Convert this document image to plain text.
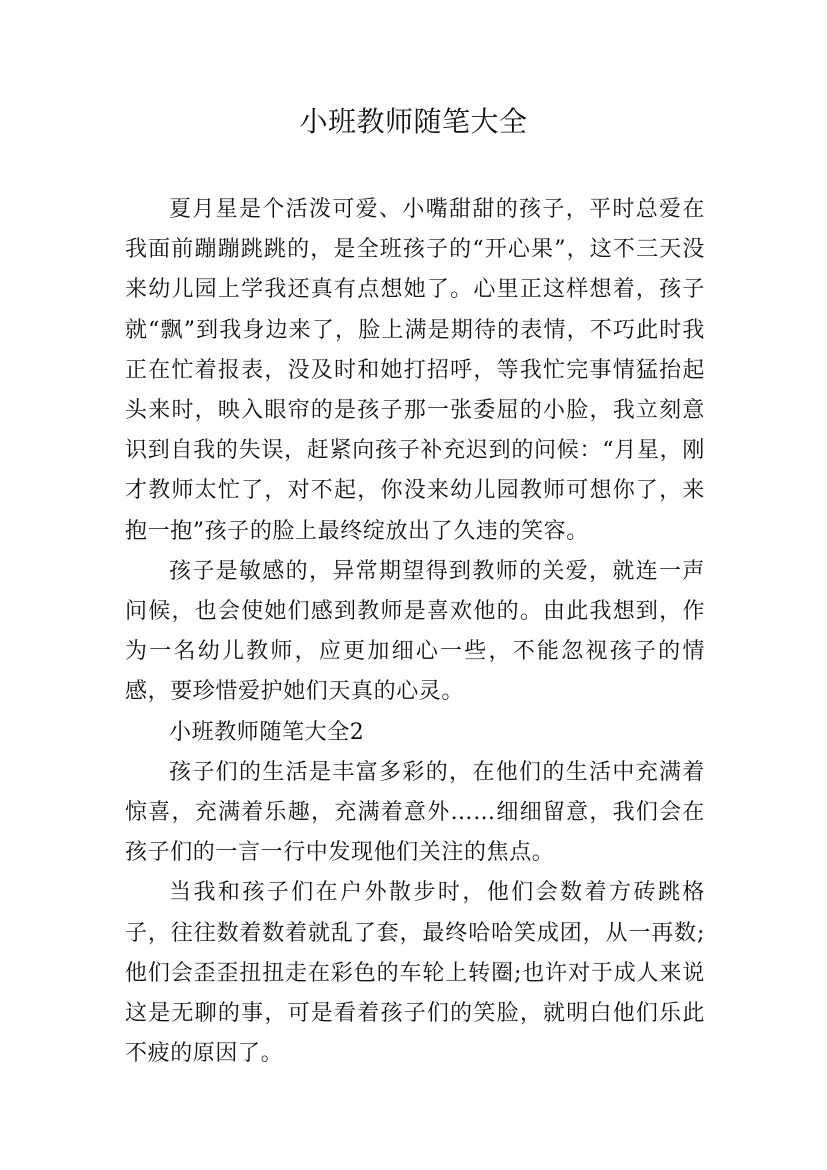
小班教师随笔大全

夏月星是个活泼可爱、小嘴甜甜的孩子，平时总爱在我面前蹦蹦跳跳的，是全班孩子的“开心果”，这不三天没来幼儿园上学我还真有点想她了。心里正这样想着，孩子就“飘”到我身边来了，脸上满是期待的表情，不巧此时我正在忙着报表，没及时和她打招呼，等我忙完事情猛抬起头来时，映入眼帘的是孩子那一张委屈的小脸，我立刻意识到自我的失误，赶紧向孩子补充迟到的问候：“月星，刚才教师太忙了，对不起，你没来幼儿园教师可想你了，来抱一抱”孩子的脸上最终绽放出了久违的笑容。

孩子是敏感的，异常期望得到教师的关爱，就连一声问候，也会使她们感到教师是喜欢他的。由此我想到，作为一名幼儿教师，应更加细心一些，不能忽视孩子的情感，要珍惜爱护她们天真的心灵。

小班教师随笔大全2

孩子们的生活是丰富多彩的，在他们的生活中充满着惊喜，充满着乐趣，充满着意外……细细留意，我们会在孩子们的一言一行中发现他们关注的焦点。

当我和孩子们在户外散步时，他们会数着方砖跳格子，往往数着数着就乱了套，最终哈哈笑成团，从一再数;他们会歪歪扭扭走在彩色的车轮上转圈;也许对于成人来说这是无聊的事，可是看着孩子们的笑脸，就明白他们乐此不疲的原因了。
